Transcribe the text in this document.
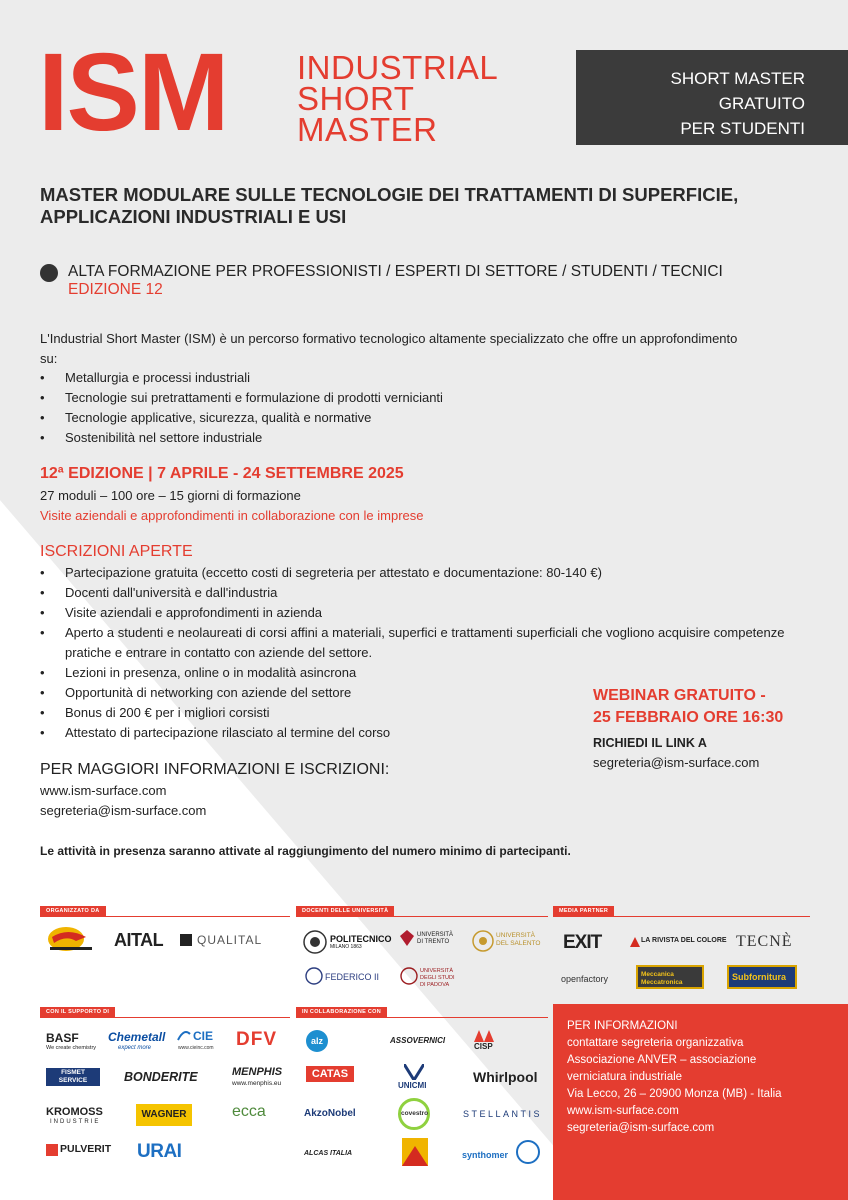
ISM INDUSTRIAL
SHORT
MASTER
SHORT MASTER
GRATUITO
PER STUDENTI
MASTER MODULARE SULLE TECNOLOGIE DEI TRATTAMENTI DI SUPERFICIE,
APPLICAZIONI INDUSTRIALI E USI
ALTA FORMAZIONE PER PROFESSIONISTI / ESPERTI DI SETTORE / STUDENTI / TECNICI
EDIZIONE 12
L'Industrial Short Master (ISM) è un percorso formativo tecnologico altamente specializzato che offre un approfondimento su:
• Metallurgia e processi industriali
• Tecnologie sui pretrattamenti e formulazione di prodotti vernicianti
• Tecnologie applicative, sicurezza, qualità e normative
• Sostenibilità nel settore industriale
12ª EDIZIONE | 7 APRILE - 24 SETTEMBRE 2025
27 moduli – 100 ore – 15 giorni di formazione
Visite aziendali e approfondimenti in collaborazione con le imprese
ISCRIZIONI APERTE
• Partecipazione gratuita (eccetto costi di segreteria per attestato e documentazione: 80-140 €)
• Docenti dall'università e dall'industria
• Visite aziendali e approfondimenti in azienda
• Aperto a studenti e neolaureati di corsi affini a materiali, superfici e trattamenti superficiali che vogliono acquisire competenze pratiche e entrare in contatto con aziende del settore.
• Lezioni in presenza, online o in modalità asincrona
• Opportunità di networking con aziende del settore
• Bonus di 200 € per i migliori corsisti
• Attestato di partecipazione rilasciato al termine del corso
WEBINAR GRATUITO -
25 FEBBRAIO ORE 16:30
RICHIEDI IL LINK A
segreteria@ism-surface.com
PER MAGGIORI INFORMAZIONI E ISCRIZIONI:
www.ism-surface.com
segreteria@ism-surface.com
Le attività in presenza saranno attivate al raggiungimento del numero minimo di partecipanti.
ORGANIZZATO DA	DOCENTI DELLE UNIVERSITÀ	MEDIA PARTNER
AITAL	QUALITAL	POLITECNICO
MILANO 1863
UNIVERSITÀ DI TRENTO
UNIVERSITÀ DEL SALENTO
FEDERICO II
UNIVERSITÀ DEGLI STUDI DI PADOVA
EXIT	LA RIVISTA DEL COLORE TECNÈ
openfactory	Meccanica Meccatronica
Subfornitura
CON IL SUPPORTO DI	IN COLLABORAZIONE CON
BASF
We create chemistry
Chemetall
expect more
CIE
www.cieinc.com DFV
FISMET SERVICE	BONDERITE	MENPHIS
www.menphis.eu
KROMOSS
INDUSTRIE
WAGNER	ecca
PULVERIT URAI
alz	ASSOVERNICI
CISP
CATAS
UNICMI
Whirlpool
AkzoNobel	covestro	STELLANTIS
ALCAS ITALIA	synthomer
PER INFORMAZIONI
contattare segreteria organizzativa
Associazione ANVER – associazione
verniciatura industriale
Via Lecco, 26 – 20900 Monza (MB) - Italia
www.ism-surface.com
segreteria@ism-surface.com
